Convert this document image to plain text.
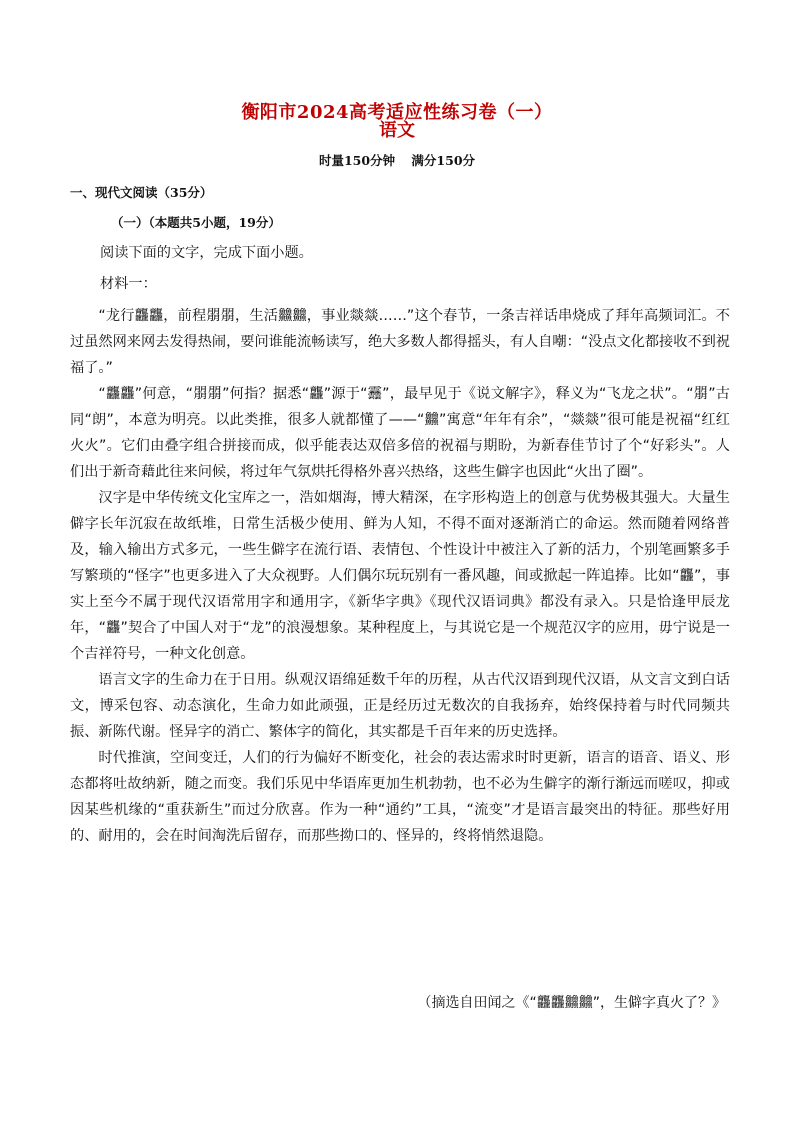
衡阳市2024高考适应性练习卷（一）
语文
时量150分钟 满分150分
一、现代文阅读（35分）
（一）（本题共5小题，19分）
阅读下面的文字，完成下面小题。
材料一：

“龙行龘龘，前程朤朤，生活䲜䲜，事业燚燚……”这个春节，一条吉祥话串烧成了拜年高频词汇。不过虽然网来网去发得热闹，要问谁能流畅读写，绝大多数人都得摇头，有人自嘲：“没点文化都接收不到祝福了。”

“龘龘”何意，“朤朤”何指？据悉“龘”源于“䨺”，最早见于《说文解字》，释义为“飞龙之状”。“朤”古同“朗”，本意为明亮。以此类推，很多人就都懂了——“䲜”寓意“年年有余”，“燚燚”很可能是祝福“红红火火”。它们由叠字组合拼接而成，似乎能表达双倍多倍的祝福与期盼，为新春佳节讨了个“好彩头”。人们出于新奇藉此往来问候，将过年气氛烘托得格外喜兴热络，这些生僻字也因此“火出了圈”。

汉字是中华传统文化宝库之一，浩如烟海，博大精深，在字形构造上的创意与优势极其强大。大量生僻字长年沉寂在故纸堆，日常生活极少使用、鲜为人知，不得不面对逐渐消亡的命运。然而随着网络普及，输入输出方式多元，一些生僻字在流行语、表情包、个性设计中被注入了新的活力，个别笔画繁多手写繁琐的“怪字”也更多进入了大众视野。人们偶尔玩玩别有一番风趣，间或掀起一阵追捧。比如“龘”，事实上至今不属于现代汉语常用字和通用字，《新华字典》《现代汉语词典》都没有录入。只是恰逢甲辰龙年，“龘”契合了中国人对于“龙”的浪漫想象。某种程度上，与其说它是一个规范汉字的应用，毋宁说是一个吉祥符号，一种文化创意。

语言文字的生命力在于日用。纵观汉语绵延数千年的历程，从古代汉语到现代汉语，从文言文到白话文，博采包容、动态演化，生命力如此顽强，正是经历过无数次的自我扬弃，始终保持着与时代同频共振、新陈代谢。怪异字的消亡、繁体字的简化，其实都是千百年来的历史选择。

时代推演，空间变迁，人们的行为偏好不断变化，社会的表达需求时时更新，语言的语音、语义、形态都将吐故纳新，随之而变。我们乐见中华语库更加生机勃勃，也不必为生僻字的渐行渐远而嗟叹，抑或因某些机缘的“重获新生”而过分欣喜。作为一种“通约”工具，“流变”才是语言最突出的特征。那些好用的、耐用的，会在时间淘洗后留存，而那些拗口的、怪异的，终将悄然退隐。

（摘选自田闻之《“龘龘䲜䲜”，生僻字真火了？》
